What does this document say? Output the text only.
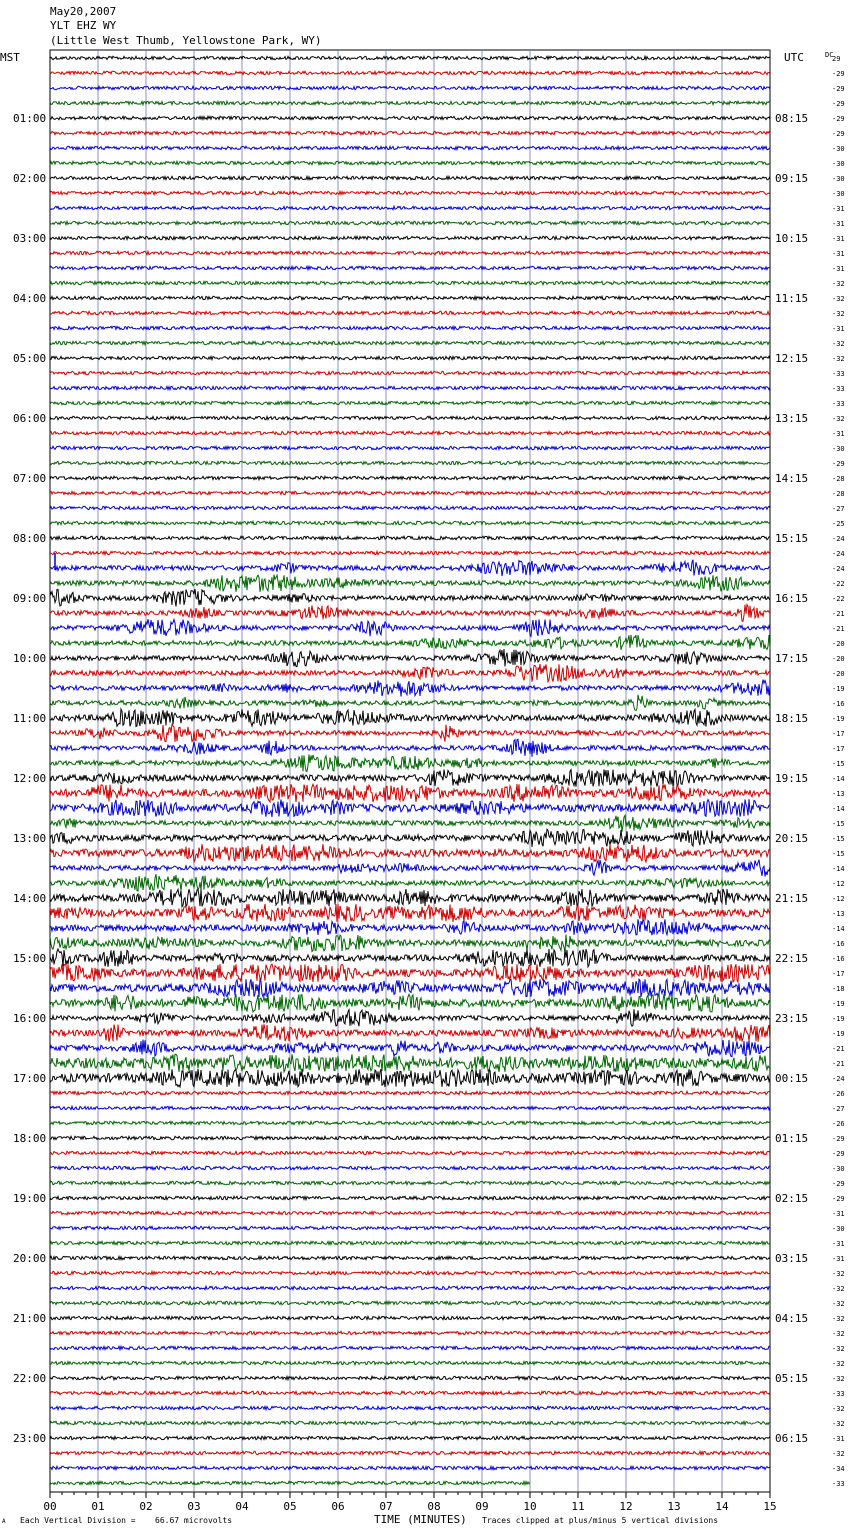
May20,2007
YLT EHZ WY
(Little West Thumb, Yellowstone Park, WY)
00	01	02	03	04	05	06	07	08	09	10	11	12	13	14	15
29
-29
-29
-29
-29
-29
-30
-30
-30
-30
-31
-31
-31
-31
-31
-32
-32
-32
-31
-32
-32
-33
-33
-33
-32
-31
-30
-29
-28
-28
-27
-25
-24
-24
-24
-22
-22
-21
-21
-20
-20
-20
-19
-16
-19
-17
-17
-15
-14
-13
-14
-15
-15
-15
-14
-12
-12
-13
-14
-16
-16
-17
-18
-19
-19
-19
-21
-21
-24
-26
-27
-26
-29
-29
-30
-29
-29
-31
-30
-31
-31
-32
-32
-32
-32
-32
-32
-32
-32
-33
-32
-32
-31
-32
-34
-33
01:00
02:00
03:00
04:00
05:00
06:00
07:00
08:00
09:00
10:00
11:00
12:00
13:00
14:00
15:00
16:00
17:00
18:00
19:00
20:00
21:00
22:00
23:00
08:15
09:15
10:15
11:15
12:15
13:15
14:15
15:15
16:15
17:15
18:15
19:15
20:15
21:15
22:15
23:15
00:15
01:15
02:15
03:15
04:15
05:15
06:15
MST	UTC	DC
TIME (MINUTES)
A Each Vertical Division = 66.67 microvolts	Traces clipped at plus/minus 5 vertical divisions
